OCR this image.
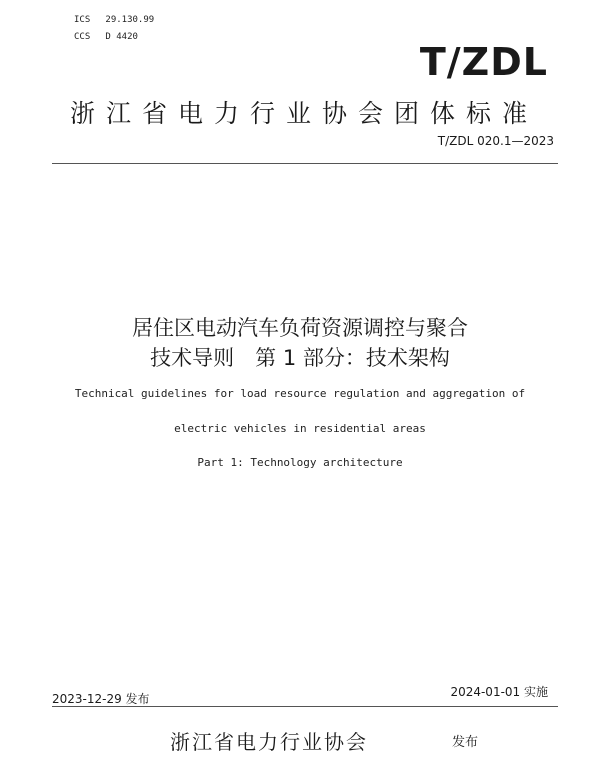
ICS 29.130.99
CCS D 4420
T/ZDL
浙江省电力行业协会团体标准
T/ZDL 020.1—2023
居住区电动汽车负荷资源调控与聚合
技术导则　第 1 部分：技术架构
Technical guidelines for load resource regulation and aggregation of
electric vehicles in residential areas
Part 1: Technology architecture
2023-12-29 发布	2024-01-01 实施
浙江省电力行业协会	发布
